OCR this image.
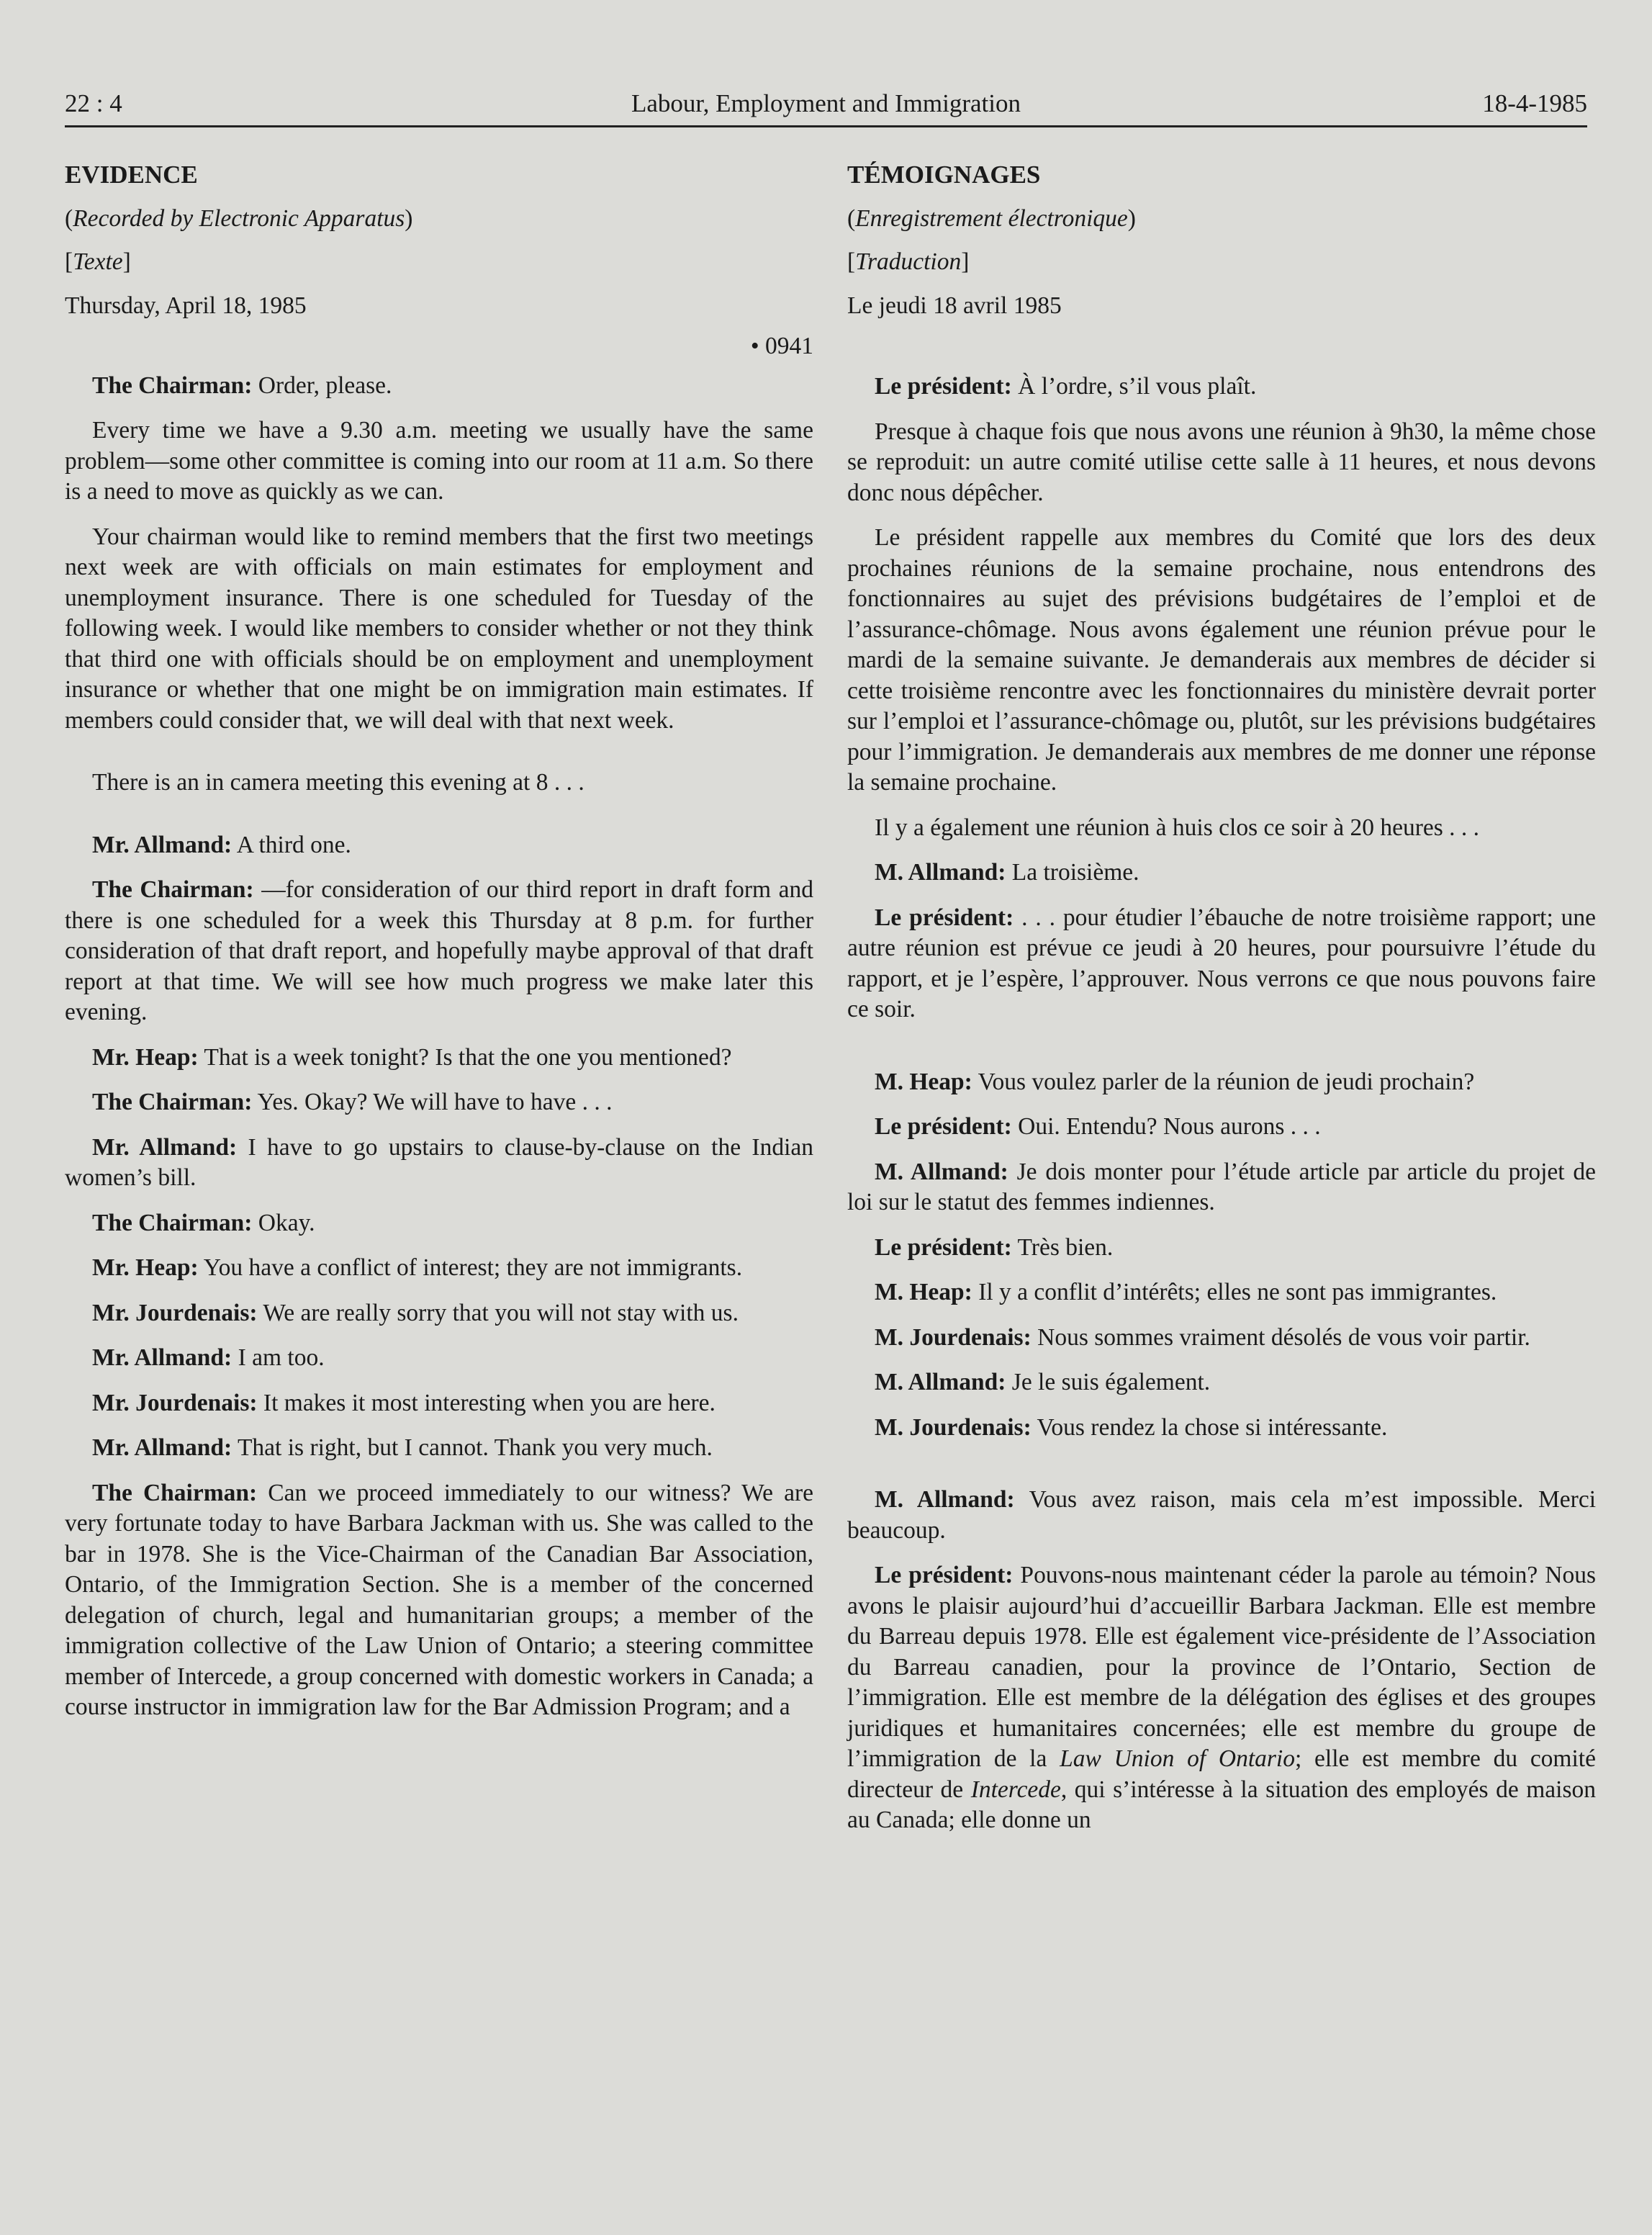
22 : 4	Labour, Employment and Immigration	18-4-1985

EVIDENCE

(Recorded by Electronic Apparatus)

[Texte]

Thursday, April 18, 1985

• 0941

The Chairman: Order, please.

Every time we have a 9.30 a.m. meeting we usually have the same problem—some other committee is coming into our room at 11 a.m. So there is a need to move as quickly as we can.

Your chairman would like to remind members that the first two meetings next week are with officials on main estimates for employment and unemployment insurance. There is one scheduled for Tuesday of the following week. I would like members to consider whether or not they think that third one with officials should be on employment and unemployment insurance or whether that one might be on immigration main estimates. If members could consider that, we will deal with that next week.

There is an in camera meeting this evening at 8 . . .

Mr. Allmand: A third one.

The Chairman: —for consideration of our third report in draft form and there is one scheduled for a week this Thursday at 8 p.m. for further consideration of that draft report, and hopefully maybe approval of that draft report at that time. We will see how much progress we make later this evening.

Mr. Heap: That is a week tonight? Is that the one you mentioned?

The Chairman: Yes. Okay? We will have to have . . .

Mr. Allmand: I have to go upstairs to clause-by-clause on the Indian women’s bill.

The Chairman: Okay.

Mr. Heap: You have a conflict of interest; they are not immigrants.

Mr. Jourdenais: We are really sorry that you will not stay with us.

Mr. Allmand: I am too.

Mr. Jourdenais: It makes it most interesting when you are here.

Mr. Allmand: That is right, but I cannot. Thank you very much.

The Chairman: Can we proceed immediately to our witness? We are very fortunate today to have Barbara Jackman with us. She was called to the bar in 1978. She is the Vice-Chairman of the Canadian Bar Association, Ontario, of the Immigration Section. She is a member of the concerned delegation of church, legal and humanitarian groups; a member of the immigration collective of the Law Union of Ontario; a steering committee member of Intercede, a group concerned with domestic workers in Canada; a course instructor in immigration law for the Bar Admission Program; and a

TÉMOIGNAGES

(Enregistrement électronique)

[Traduction]

Le jeudi 18 avril 1985

Le président: À l’ordre, s’il vous plaît.

Presque à chaque fois que nous avons une réunion à 9h30, la même chose se reproduit: un autre comité utilise cette salle à 11 heures, et nous devons donc nous dépêcher.

Le président rappelle aux membres du Comité que lors des deux prochaines réunions de la semaine prochaine, nous entendrons des fonctionnaires au sujet des prévisions budgétaires de l’emploi et de l’assurance-chômage. Nous avons également une réunion prévue pour le mardi de la semaine suivante. Je demanderais aux membres de décider si cette troisième rencontre avec les fonctionnaires du ministère devrait porter sur l’emploi et l’assurance-chômage ou, plutôt, sur les prévisions budgétaires pour l’immigration. Je demanderais aux membres de me donner une réponse la semaine prochaine.

Il y a également une réunion à huis clos ce soir à 20 heures . . .

M. Allmand: La troisième.

Le président: . . . pour étudier l’ébauche de notre troisième rapport; une autre réunion est prévue ce jeudi à 20 heures, pour poursuivre l’étude du rapport, et je l’espère, l’approuver. Nous verrons ce que nous pouvons faire ce soir.

M. Heap: Vous voulez parler de la réunion de jeudi prochain?

Le président: Oui. Entendu? Nous aurons . . .

M. Allmand: Je dois monter pour l’étude article par article du projet de loi sur le statut des femmes indiennes.

Le président: Très bien.

M. Heap: Il y a conflit d’intérêts; elles ne sont pas immigrantes.

M. Jourdenais: Nous sommes vraiment désolés de vous voir partir.

M. Allmand: Je le suis également.

M. Jourdenais: Vous rendez la chose si intéressante.

M. Allmand: Vous avez raison, mais cela m’est impossible. Merci beaucoup.

Le président: Pouvons-nous maintenant céder la parole au témoin? Nous avons le plaisir aujourd’hui d’accueillir Barbara Jackman. Elle est membre du Barreau depuis 1978. Elle est également vice-présidente de l’Association du Barreau canadien, pour la province de l’Ontario, Section de l’immigration. Elle est membre de la délégation des églises et des groupes juridiques et humanitaires concernées; elle est membre du groupe de l’immigration de la Law Union of Ontario; elle est membre du comité directeur de Intercede, qui s’intéresse à la situation des employés de maison au Canada; elle donne un
